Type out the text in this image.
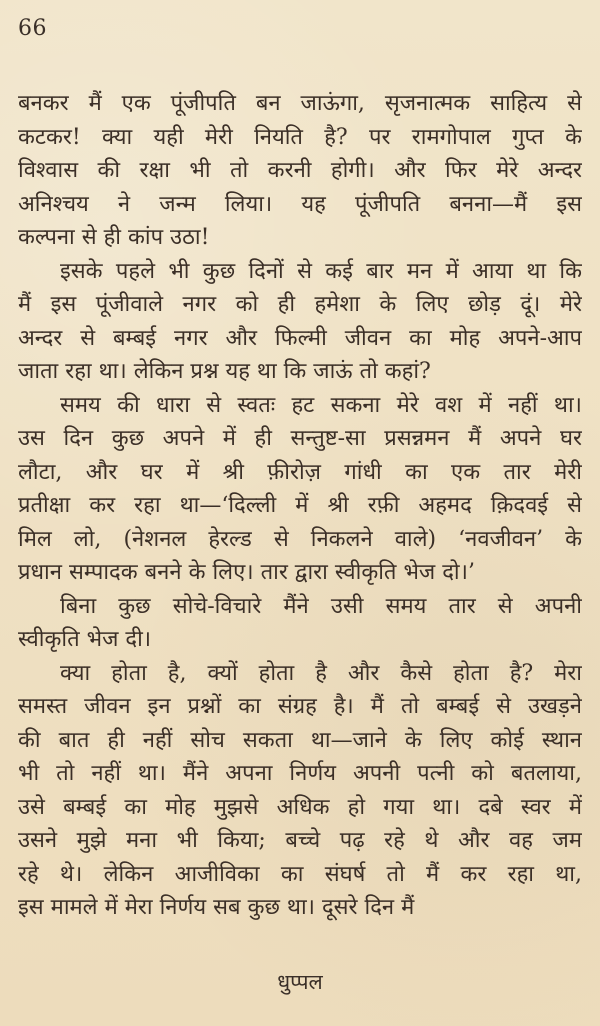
66
बनकर मैं एक पूंजीपति बन जाऊंगा, सृजनात्मक साहित्य से
कटकर! क्या यही मेरी नियति है? पर रामगोपाल गुप्त के
विश्वास की रक्षा भी तो करनी होगी। और फिर मेरे अन्दर
अनिश्चय ने जन्म लिया। यह पूंजीपति बनना—मैं इस
कल्पना से ही कांप उठा!
इसके पहले भी कुछ दिनों से कई बार मन में आया था कि
मैं इस पूंजीवाले नगर को ही हमेशा के लिए छोड़ दूं। मेरे
अन्दर से बम्बई नगर और फिल्मी जीवन का मोह अपने-आप
जाता रहा था। लेकिन प्रश्न यह था कि जाऊं तो कहां?
समय की धारा से स्वतः हट सकना मेरे वश में नहीं था।
उस दिन कुछ अपने में ही सन्तुष्ट-सा प्रसन्नमन मैं अपने घर
लौटा, और घर में श्री फ़ीरोज़ गांधी का एक तार मेरी
प्रतीक्षा कर रहा था—‘दिल्ली में श्री रफ़ी अहमद क़िदवई से
मिल लो, (नेशनल हेरल्ड से निकलने वाले) ‘नवजीवन’ के
प्रधान सम्पादक बनने के लिए। तार द्वारा स्वीकृति भेज दो।’
बिना कुछ सोचे-विचारे मैंने उसी समय तार से अपनी
स्वीकृति भेज दी।
क्या होता है, क्यों होता है और कैसे होता है? मेरा
समस्त जीवन इन प्रश्नों का संग्रह है। मैं तो बम्बई से उखड़ने
की बात ही नहीं सोच सकता था—जाने के लिए कोई स्थान
भी तो नहीं था। मैंने अपना निर्णय अपनी पत्नी को बतलाया,
उसे बम्बई का मोह मुझसे अधिक हो गया था। दबे स्वर में
उसने मुझे मना भी किया; बच्चे पढ़ रहे थे और वह जम
रहे थे। लेकिन आजीविका का संघर्ष तो मैं कर रहा था,
इस मामले में मेरा निर्णय सब कुछ था। दूसरे दिन मैं
धुप्पल
